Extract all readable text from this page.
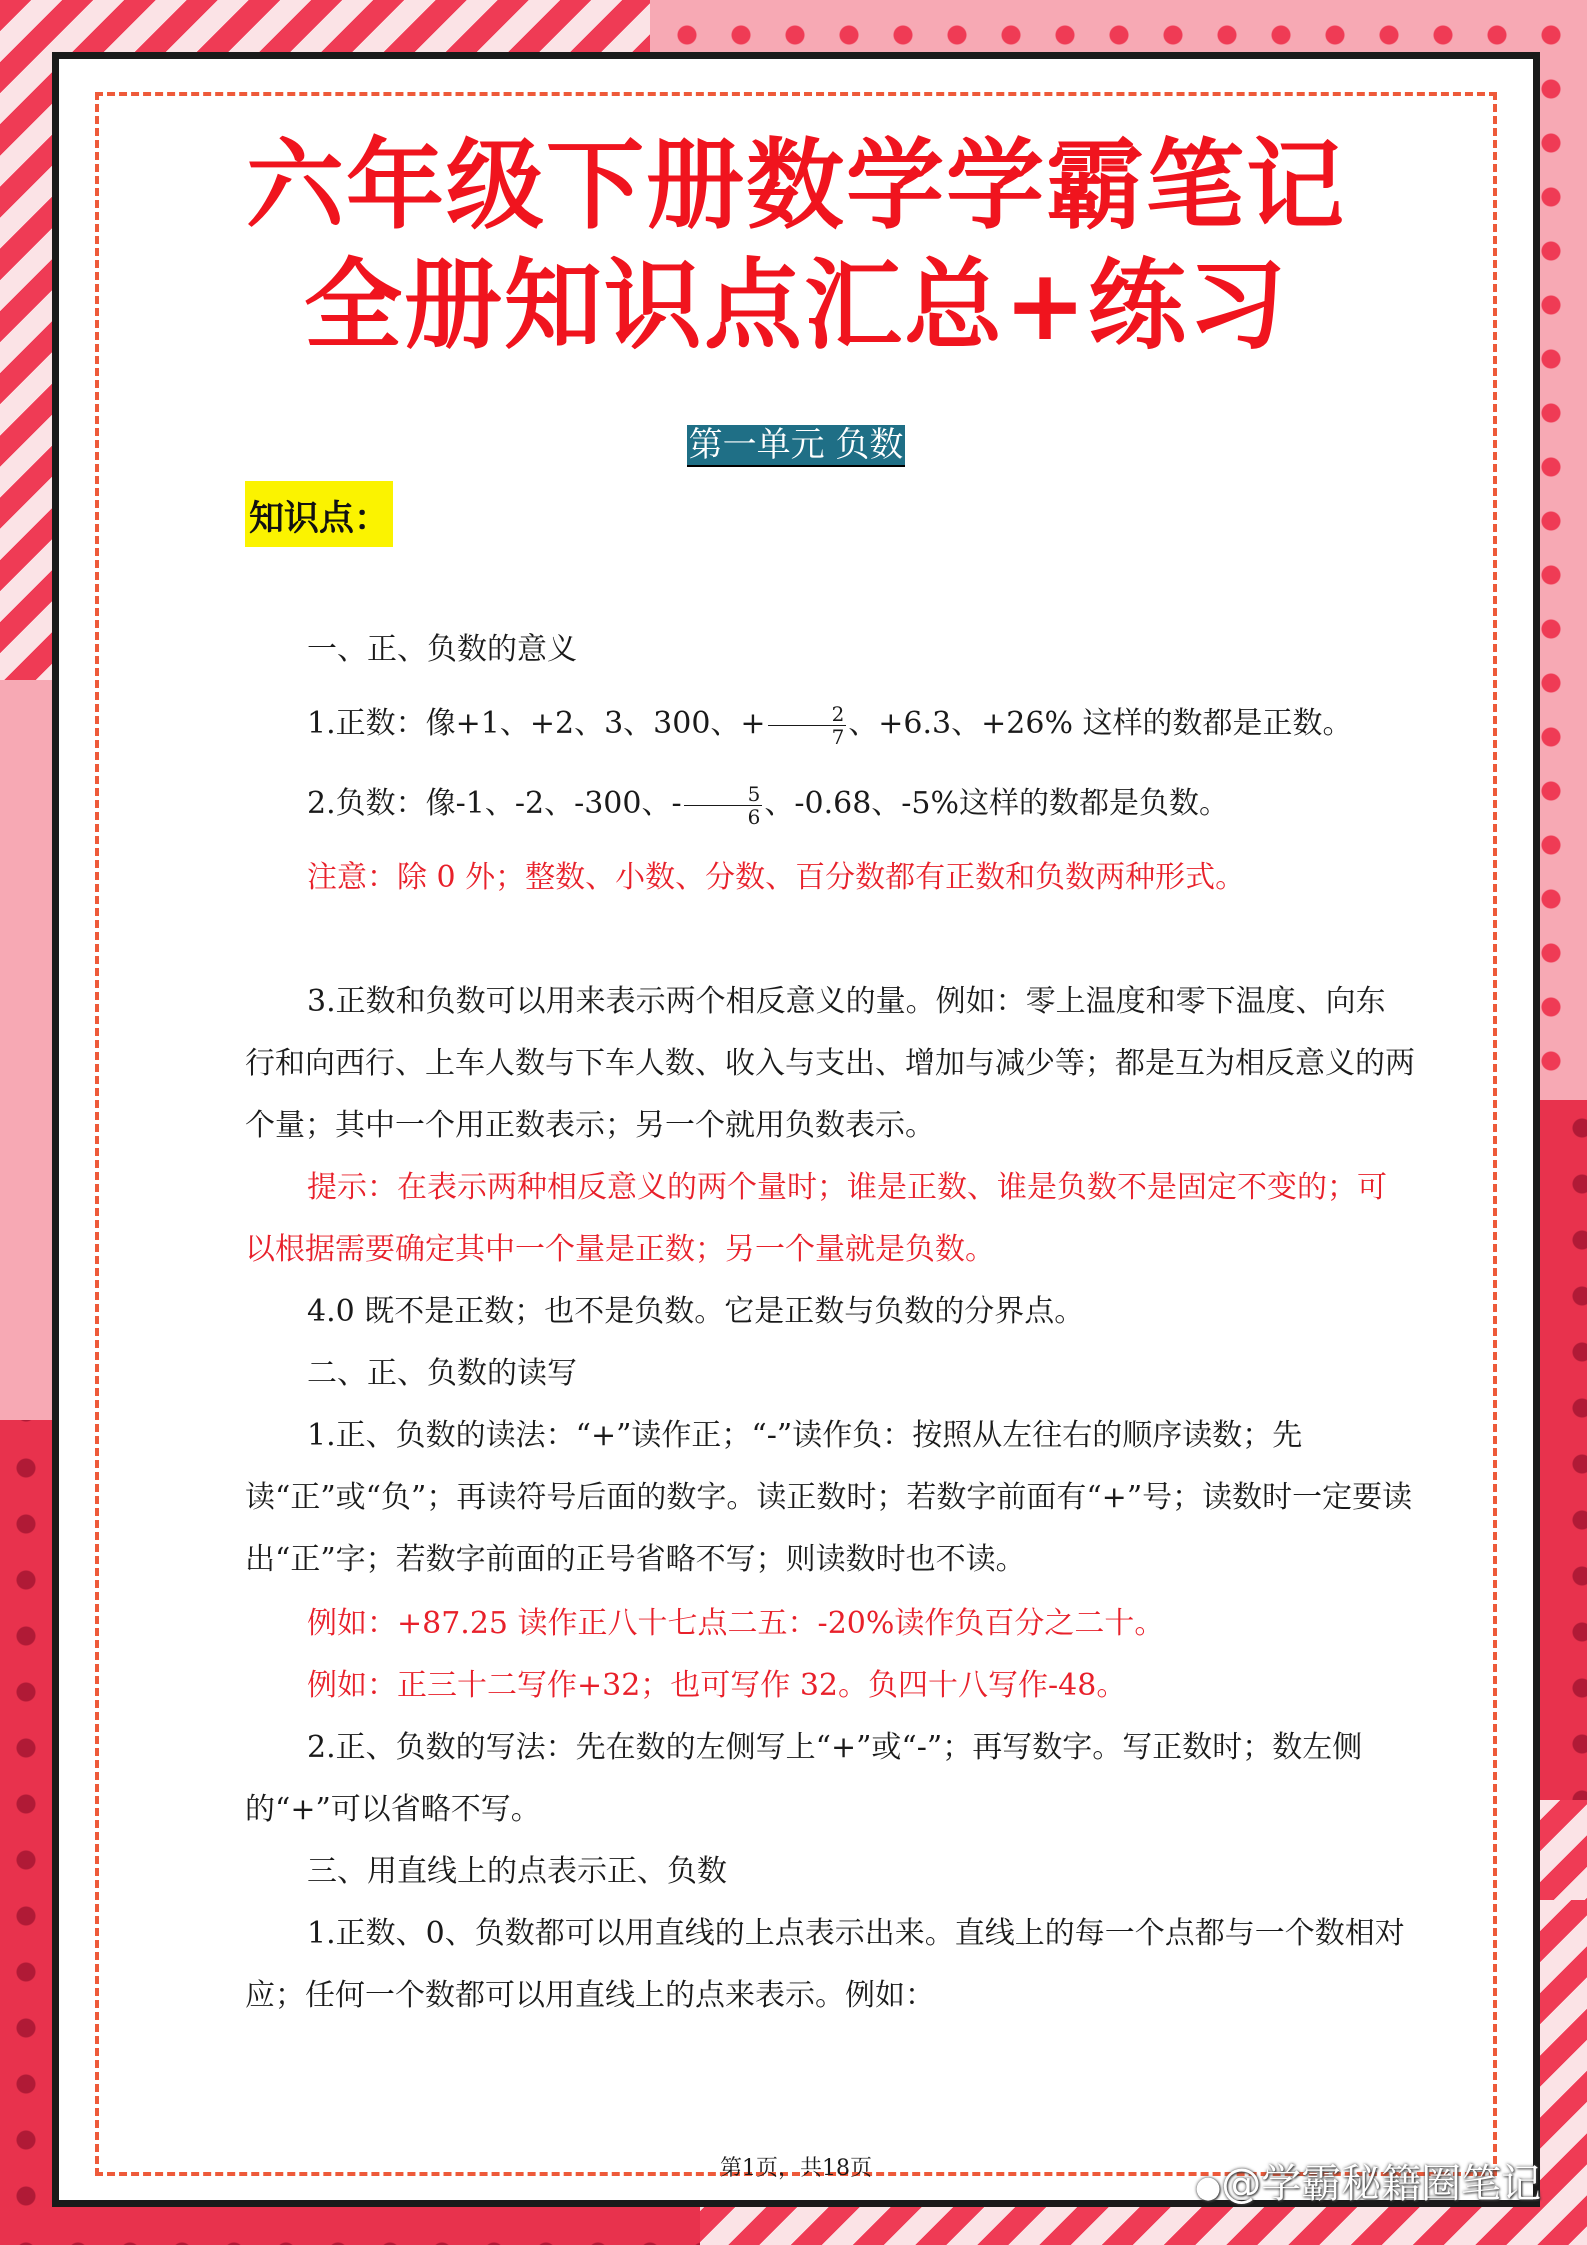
六年级下册数学学霸笔记
全册知识点汇总+练习
第一单元 负数
知识点：
一、正、负数的意义
1.正数：像+1、+2、3、300、+ $\frac{2}{7}$ 、+6.3、+26% 这样的数都是正数。
2.负数：像-1、-2、-300、- $\frac{5}{6}$ 、-0.68、-5%这样的数都是负数。
注意：除 0 外；整数、小数、分数、百分数都有正数和负数两种形式。
3.正数和负数可以用来表示两个相反意义的量。例如：零上温度和零下温度、向东行和向西行、上车人数与下车人数、收入与支出、增加与减少等；都是互为相反意义的两个量；其中一个用正数表示；另一个就用负数表示。
提示：在表示两种相反意义的两个量时；谁是正数、谁是负数不是固定不变的；可以根据需要确定其中一个量是正数；另一个量就是负数。
4.0 既不是正数；也不是负数。它是正数与负数的分界点。
二、正、负数的读写
1.正、负数的读法：“+”读作正；“-”读作负：按照从左往右的顺序读数；先读“正”或“负”；再读符号后面的数字。读正数时；若数字前面有“+”号；读数时一定要读出“正”字；若数字前面的正号省略不写；则读数时也不读。
例如：+87.25 读作正八十七点二五：-20%读作负百分之二十。
例如：正三十二写作+32；也可写作 32。负四十八写作-48。
2.正、负数的写法：先在数的左侧写上“+”或“-”；再写数字。写正数时；数左侧的“+”可以省略不写。
三、用直线上的点表示正、负数
1.正数、0、负数都可以用直线的上点表示出来。直线上的每一个点都与一个数相对应；任何一个数都可以用直线上的点来表示。例如：
第1页，共18页
●@学霸秘籍圈笔记
